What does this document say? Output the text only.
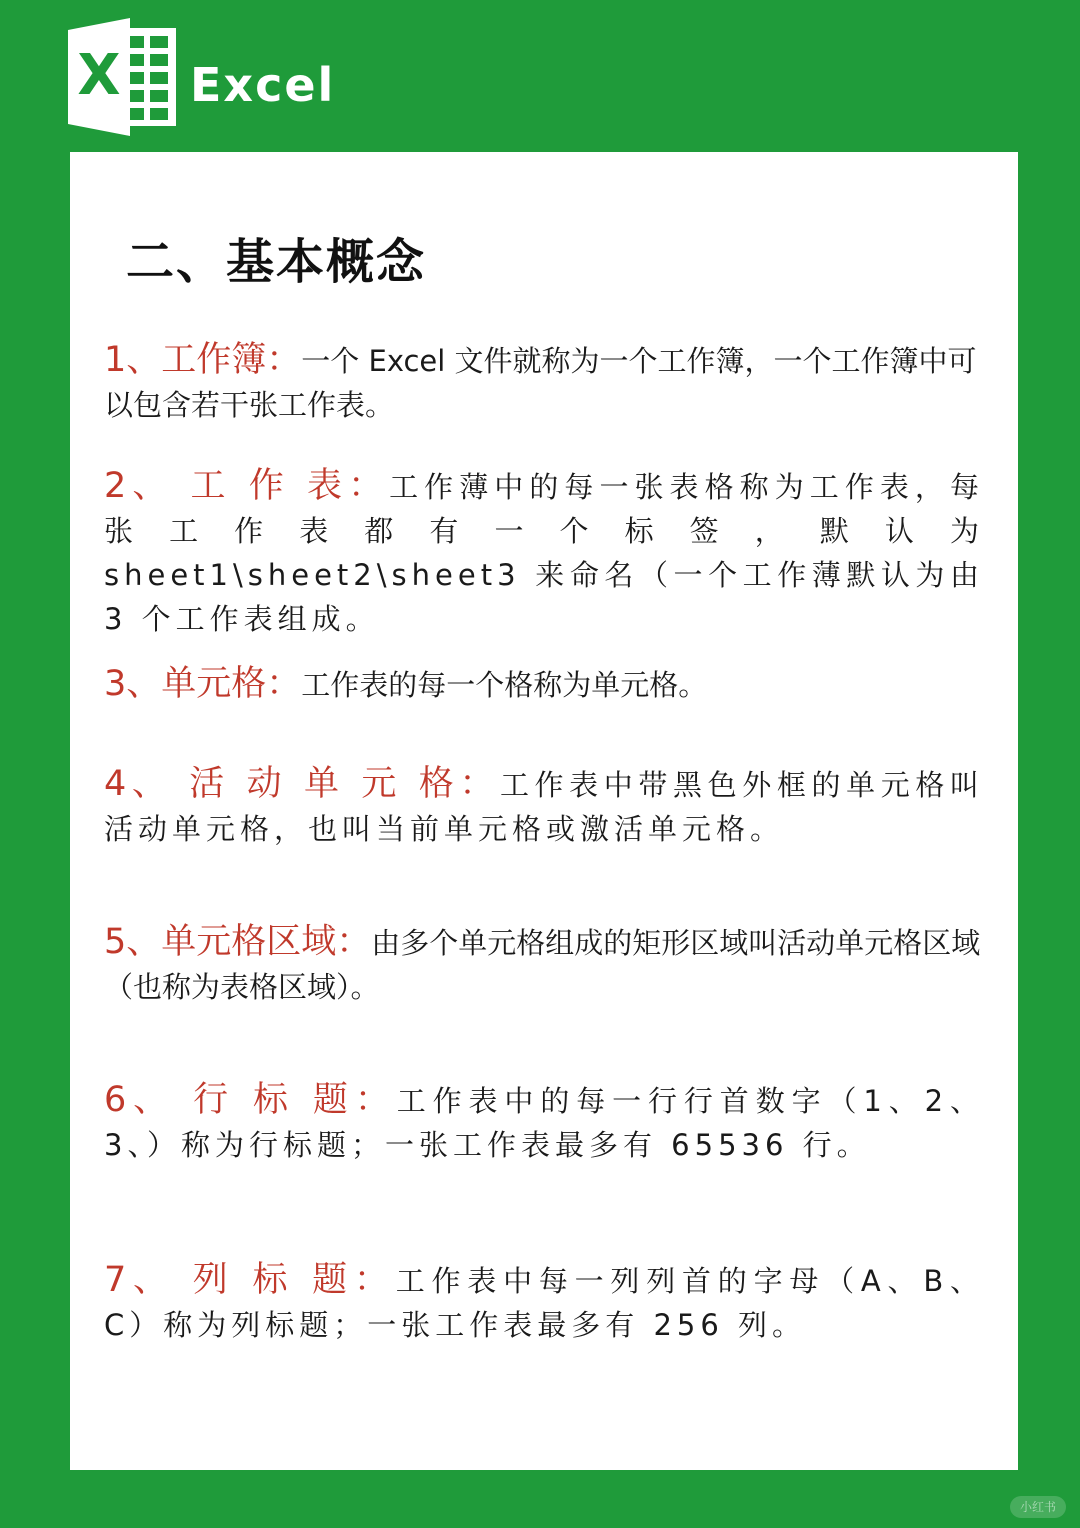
X Excel
二、基本概念
1、工作簿：一个 Excel 文件就称为一个工作簿，一个工作簿中可以包含若干张工作表。
2、 工 作 表：工作薄中的每一张表格称为工作表，每张工作表都有一个标签，默认为 sheet1\sheet2\sheet3 来命名（一个工作薄默认为由 3 个工作表组成。
3、单元格：工作表的每一个格称为单元格。
4、 活 动 单 元 格：工作表中带黑色外框的单元格叫活动单元格，也叫当前单元格或激活单元格。
5、单元格区域：由多个单元格组成的矩形区域叫活动单元格区域（也称为表格区域）。
6、 行 标 题：工作表中的每一行行首数字（1、2、3、）称为行标题；一张工作表最多有 65536 行。
7、 列 标 题：工作表中每一列列首的字母（A、B、C）称为列标题；一张工作表最多有 256 列。
小红书
